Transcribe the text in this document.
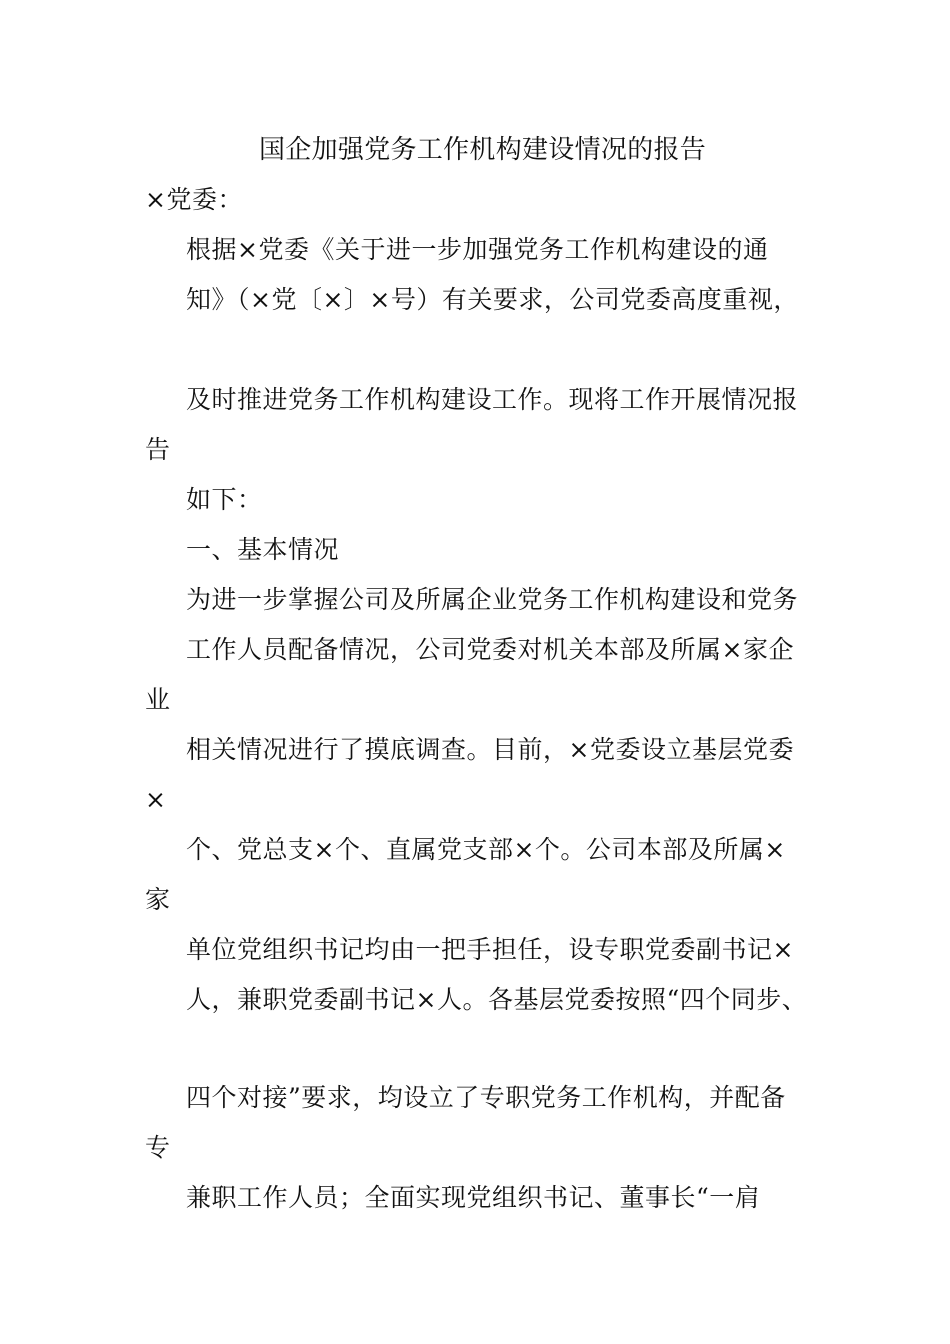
国企加强党务工作机构建设情况的报告
×党委：
根据×党委《关于进一步加强党务工作机构建设的通
知》（×党〔×〕×号）有关要求，公司党委高度重视，
及时推进党务工作机构建设工作。现将工作开展情况报
告
如下：
一、基本情况
为进一步掌握公司及所属企业党务工作机构建设和党务
工作人员配备情况，公司党委对机关本部及所属×家企
业
相关情况进行了摸底调查。目前，×党委设立基层党委
×
个、党总支×个、直属党支部×个。公司本部及所属×
家
单位党组织书记均由一把手担任，设专职党委副书记×
人，兼职党委副书记×人。各基层党委按照“四个同步、
四个对接”要求，均设立了专职党务工作机构，并配备
专
兼职工作人员；全面实现党组织书记、董事长“一肩
